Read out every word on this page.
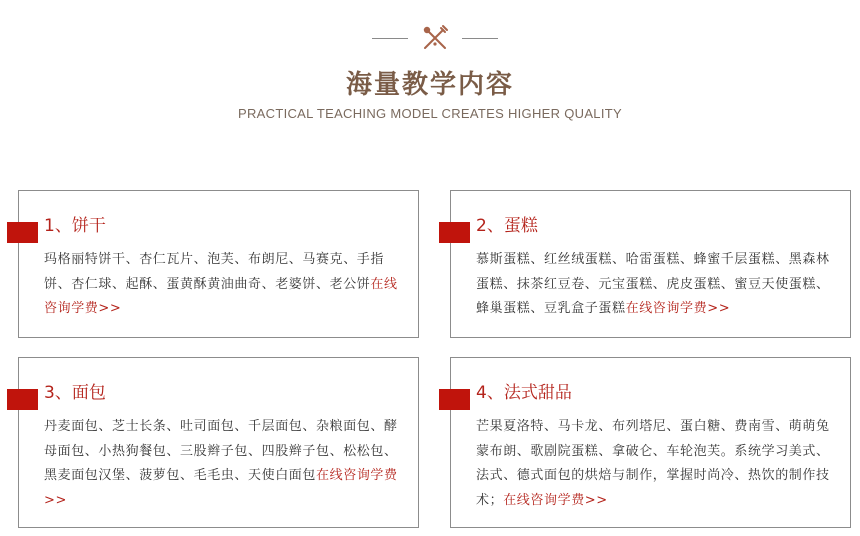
海量教学内容
PRACTICAL TEACHING MODEL CREATES HIGHER QUALITY
1、饼干
玛格丽特饼干、杏仁瓦片、泡芙、布朗尼、马赛克、手指饼、杏仁球、起酥、蛋黄酥黄油曲奇、老婆饼、老公饼在线咨询学费>>
2、蛋糕
慕斯蛋糕、红丝绒蛋糕、哈雷蛋糕、蜂蜜千层蛋糕、黑森林蛋糕、抹茶红豆卷、元宝蛋糕、虎皮蛋糕、蜜豆天使蛋糕、蜂巢蛋糕、豆乳盒子蛋糕在线咨询学费>>
3、面包
丹麦面包、芝士长条、吐司面包、千层面包、杂粮面包、酵母面包、小热狗餐包、三股辫子包、四股辫子包、松松包、黑麦面包汉堡、菠萝包、毛毛虫、天使白面包在线咨询学费>>
4、法式甜品
芒果夏洛特、马卡龙、布列塔尼、蛋白糖、费南雪、萌萌兔蒙布朗、歌剧院蛋糕、拿破仑、车轮泡芙。系统学习美式、法式、德式面包的烘焙与制作，掌握时尚冷、热饮的制作技术；在线咨询学费>>
